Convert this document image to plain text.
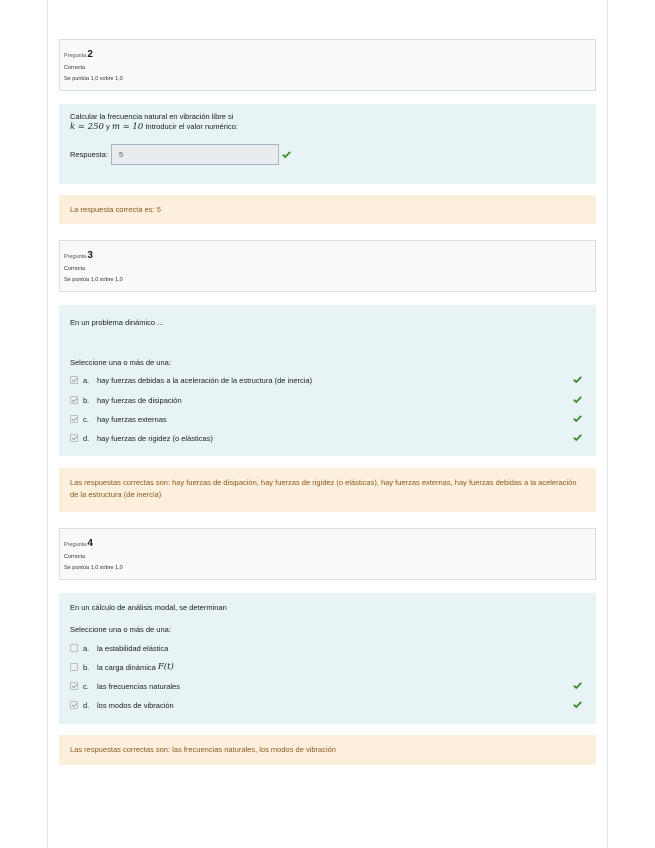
Pregunta2
Correcta
Se puntúa 1,0 sobre 1,0
Calcular la frecuencia natural en vibración libre si
k = 250 y m = 10 Introducir el valor numérico:
Respuesta:	5
La respuesta correcta es: 5
Pregunta3
Correcta
Se puntúa 1,0 sobre 1,0
En un problema dinámico ...
Seleccione una o más de una:
a.	hay fuerzas debidas a la aceleración de la estructura (de inercia)
b.	hay fuerzas de disipación
c.	hay fuerzas externas
d.	hay fuerzas de rigidez (o elásticas)
Las respuestas correctas son: hay fuerzas de disipación, hay fuerzas de rigidez (o elásticas), hay fuerzas externas, hay fuerzas debidas a la aceleración de la estructura (de inercia)
Pregunta4
Correcta
Se puntúa 1,0 sobre 1,0
En un cálculo de análisis modal, se determinan
Seleccione una o más de una:
a.	la estabilidad elástica
b.	la carga dinámica
F(t)
c.	las frecuencias naturales
d.	los modos de vibración
Las respuestas correctas son: las frecuencias naturales, los modos de vibración
